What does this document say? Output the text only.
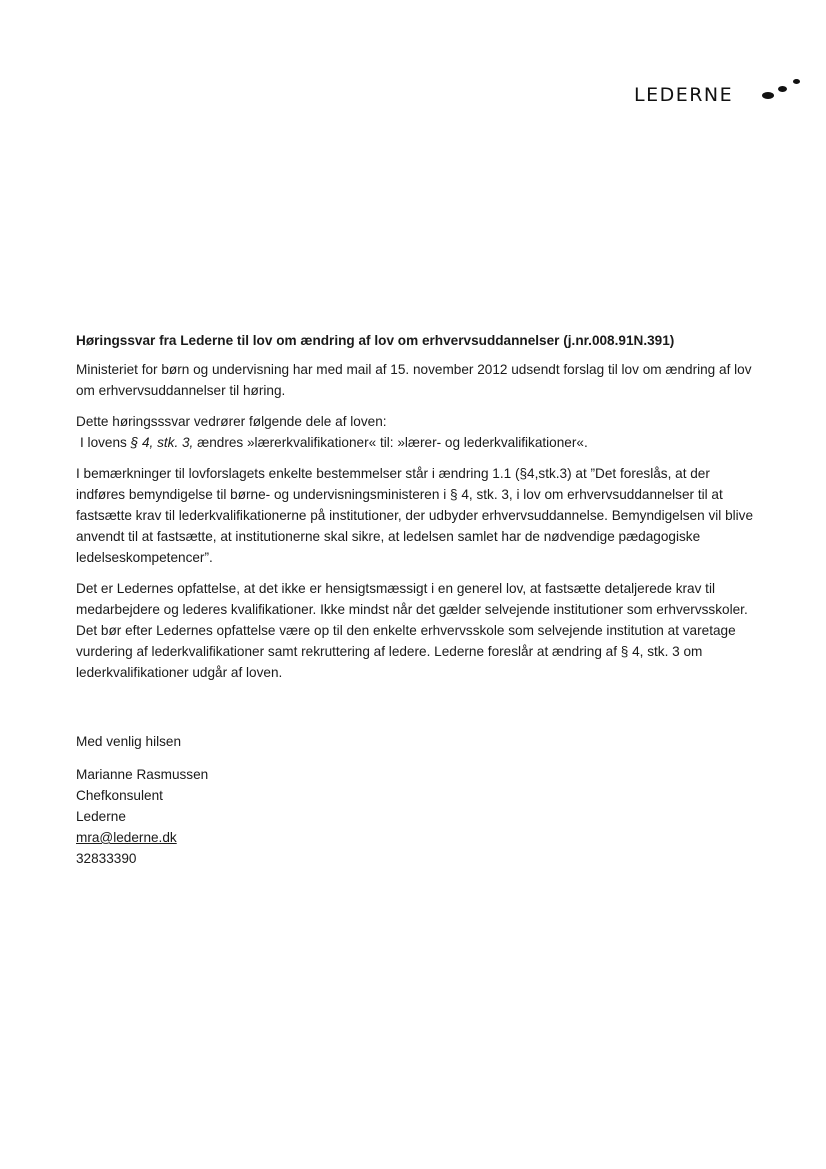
LEDERNE

Høringssvar fra Lederne til lov om ændring af lov om erhvervsuddannelser (j.nr.008.91N.391)

Ministeriet for børn og undervisning har med mail af 15. november 2012 udsendt forslag til lov om ændring af lov om erhvervsuddannelser til høring.

Dette høringsssvar vedrører følgende dele af loven:
I lovens § 4, stk. 3, ændres »lærerkvalifikationer« til: »lærer- og lederkvalifikationer«.

I bemærkninger til lovforslagets enkelte bestemmelser står i ændring 1.1 (§4,stk.3) at ”Det foreslås, at der indføres bemyndigelse til børne- og undervisningsministeren i § 4, stk. 3, i lov om erhvervsuddannelser til at fastsætte krav til lederkvalifikationerne på institutioner, der udbyder erhvervsuddannelse. Bemyndigelsen vil blive anvendt til at fastsætte, at institutionerne skal sikre, at ledelsen samlet har de nødvendige pædagogiske ledelseskompetencer”.

Det er Ledernes opfattelse, at det ikke er hensigtsmæssigt i en generel lov, at fastsætte detaljerede krav til medarbejdere og lederes kvalifikationer. Ikke mindst når det gælder selvejende institutioner som erhvervsskoler. Det bør efter Ledernes opfattelse være op til den enkelte erhvervsskole som selvejende institution at varetage vurdering af lederkvalifikationer samt rekruttering af ledere. Lederne foreslår at ændring af § 4, stk. 3 om lederkvalifikationer udgår af loven.

Med venlig hilsen

Marianne Rasmussen
Chefkonsulent
Lederne
mra@lederne.dk
32833390
